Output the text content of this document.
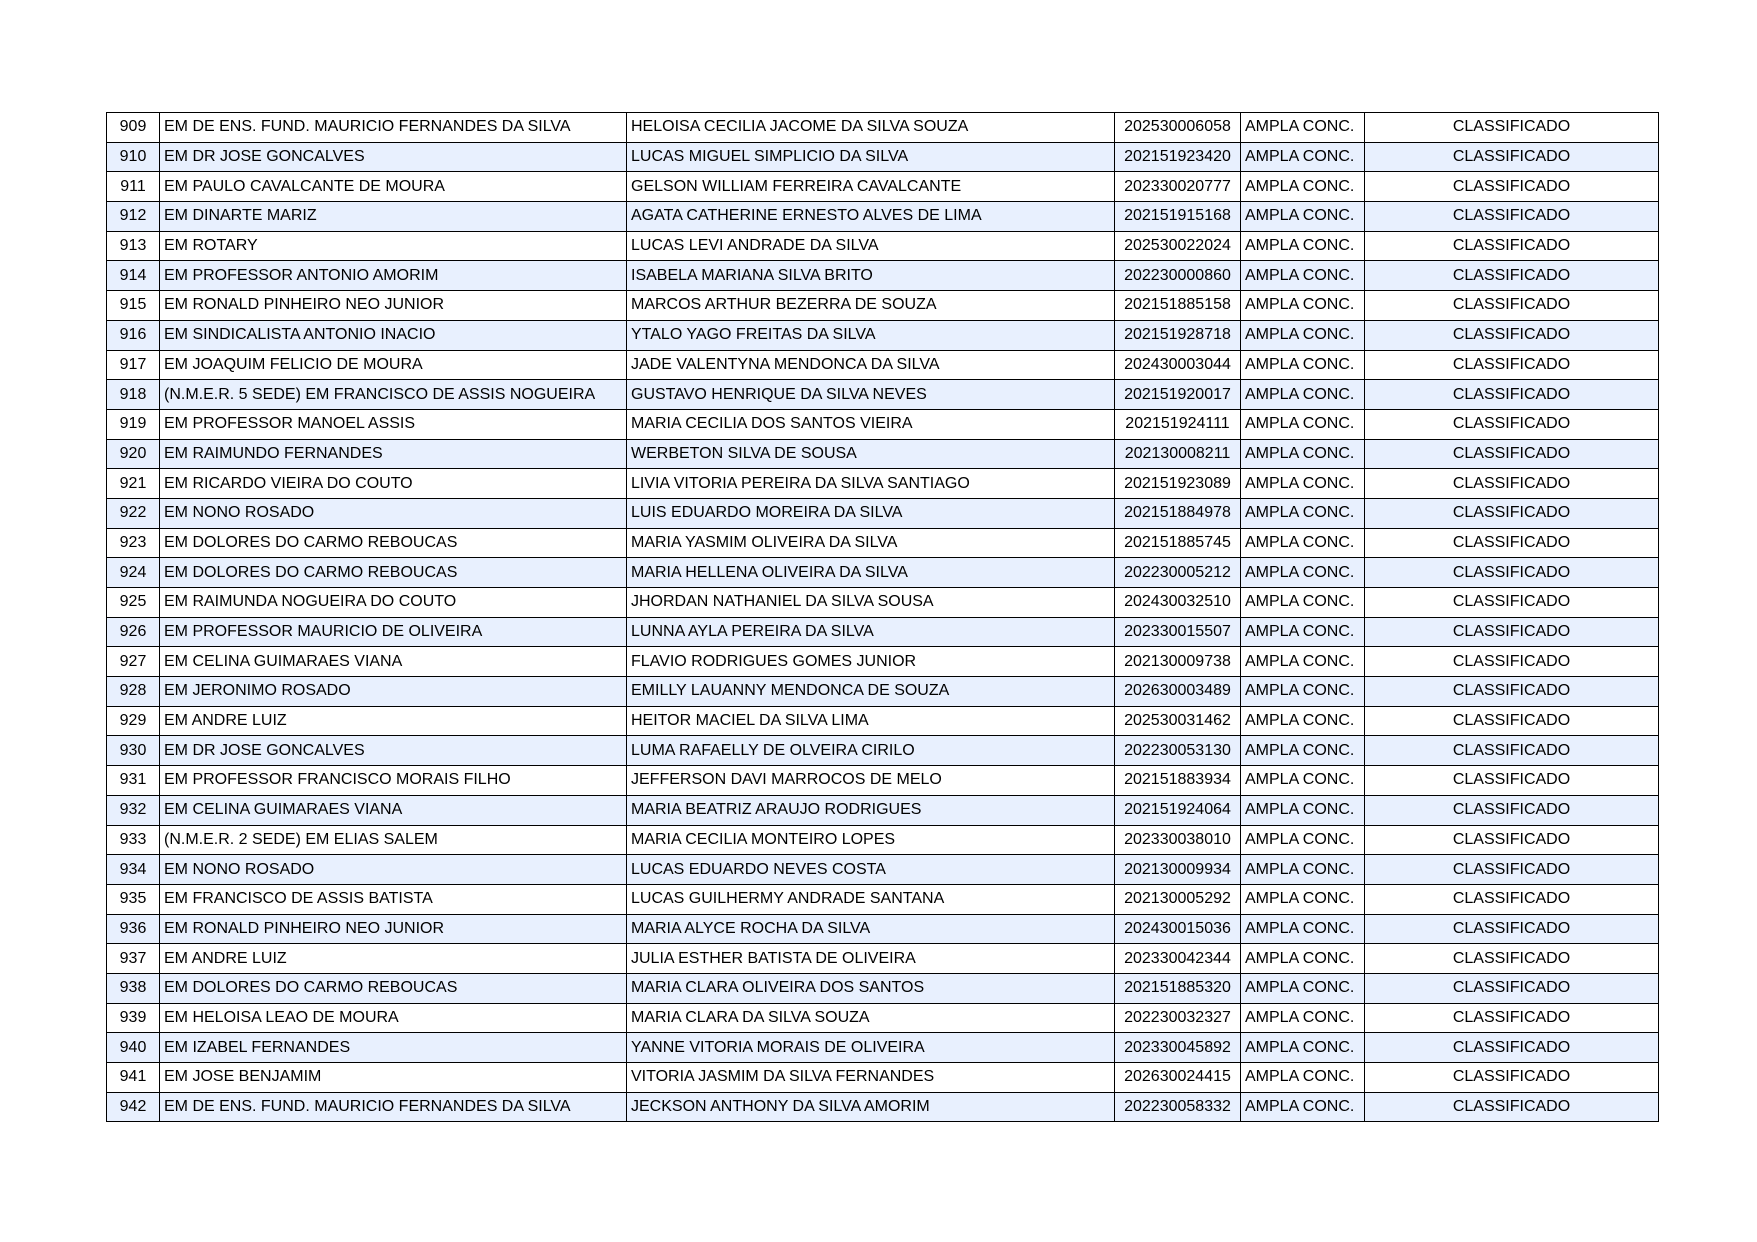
909	EM DE ENS. FUND. MAURICIO FERNANDES DA SILVA	HELOISA CECILIA JACOME DA SILVA SOUZA	202530006058	AMPLA CONC.	CLASSIFICADO
910	EM DR JOSE GONCALVES	LUCAS MIGUEL SIMPLICIO DA SILVA	202151923420	AMPLA CONC.	CLASSIFICADO
911	EM PAULO CAVALCANTE DE MOURA	GELSON WILLIAM FERREIRA CAVALCANTE	202330020777	AMPLA CONC.	CLASSIFICADO
912	EM DINARTE MARIZ	AGATA CATHERINE ERNESTO ALVES DE LIMA	202151915168	AMPLA CONC.	CLASSIFICADO
913	EM ROTARY	LUCAS LEVI ANDRADE DA SILVA	202530022024	AMPLA CONC.	CLASSIFICADO
914	EM PROFESSOR ANTONIO AMORIM	ISABELA MARIANA SILVA BRITO	202230000860	AMPLA CONC.	CLASSIFICADO
915	EM RONALD PINHEIRO NEO JUNIOR	MARCOS ARTHUR BEZERRA DE SOUZA	202151885158	AMPLA CONC.	CLASSIFICADO
916	EM SINDICALISTA ANTONIO INACIO	YTALO YAGO FREITAS DA SILVA	202151928718	AMPLA CONC.	CLASSIFICADO
917	EM JOAQUIM FELICIO DE MOURA	JADE VALENTYNA MENDONCA DA SILVA	202430003044	AMPLA CONC.	CLASSIFICADO
918	(N.M.E.R. 5 SEDE) EM FRANCISCO DE ASSIS NOGUEIRA	GUSTAVO HENRIQUE DA SILVA NEVES	202151920017	AMPLA CONC.	CLASSIFICADO
919	EM PROFESSOR MANOEL ASSIS	MARIA CECILIA DOS SANTOS VIEIRA	202151924111	AMPLA CONC.	CLASSIFICADO
920	EM RAIMUNDO FERNANDES	WERBETON SILVA DE SOUSA	202130008211	AMPLA CONC.	CLASSIFICADO
921	EM RICARDO VIEIRA DO COUTO	LIVIA VITORIA PEREIRA DA SILVA SANTIAGO	202151923089	AMPLA CONC.	CLASSIFICADO
922	EM NONO ROSADO	LUIS EDUARDO MOREIRA DA SILVA	202151884978	AMPLA CONC.	CLASSIFICADO
923	EM DOLORES DO CARMO REBOUCAS	MARIA YASMIM OLIVEIRA DA SILVA	202151885745	AMPLA CONC.	CLASSIFICADO
924	EM DOLORES DO CARMO REBOUCAS	MARIA HELLENA OLIVEIRA DA SILVA	202230005212	AMPLA CONC.	CLASSIFICADO
925	EM RAIMUNDA NOGUEIRA DO COUTO	JHORDAN NATHANIEL DA SILVA SOUSA	202430032510	AMPLA CONC.	CLASSIFICADO
926	EM PROFESSOR MAURICIO DE OLIVEIRA	LUNNA AYLA PEREIRA DA SILVA	202330015507	AMPLA CONC.	CLASSIFICADO
927	EM CELINA GUIMARAES VIANA	FLAVIO RODRIGUES GOMES JUNIOR	202130009738	AMPLA CONC.	CLASSIFICADO
928	EM JERONIMO ROSADO	EMILLY LAUANNY MENDONCA DE SOUZA	202630003489	AMPLA CONC.	CLASSIFICADO
929	EM ANDRE LUIZ	HEITOR MACIEL DA SILVA LIMA	202530031462	AMPLA CONC.	CLASSIFICADO
930	EM DR JOSE GONCALVES	LUMA RAFAELLY DE OLVEIRA CIRILO	202230053130	AMPLA CONC.	CLASSIFICADO
931	EM PROFESSOR FRANCISCO MORAIS FILHO	JEFFERSON DAVI MARROCOS DE MELO	202151883934	AMPLA CONC.	CLASSIFICADO
932	EM CELINA GUIMARAES VIANA	MARIA BEATRIZ ARAUJO RODRIGUES	202151924064	AMPLA CONC.	CLASSIFICADO
933	(N.M.E.R. 2 SEDE) EM ELIAS SALEM	MARIA CECILIA MONTEIRO LOPES	202330038010	AMPLA CONC.	CLASSIFICADO
934	EM NONO ROSADO	LUCAS EDUARDO NEVES COSTA	202130009934	AMPLA CONC.	CLASSIFICADO
935	EM FRANCISCO DE ASSIS BATISTA	LUCAS GUILHERMY ANDRADE SANTANA	202130005292	AMPLA CONC.	CLASSIFICADO
936	EM RONALD PINHEIRO NEO JUNIOR	MARIA ALYCE ROCHA DA SILVA	202430015036	AMPLA CONC.	CLASSIFICADO
937	EM ANDRE LUIZ	JULIA ESTHER BATISTA DE OLIVEIRA	202330042344	AMPLA CONC.	CLASSIFICADO
938	EM DOLORES DO CARMO REBOUCAS	MARIA CLARA OLIVEIRA DOS SANTOS	202151885320	AMPLA CONC.	CLASSIFICADO
939	EM HELOISA LEAO DE MOURA	MARIA CLARA DA SILVA SOUZA	202230032327	AMPLA CONC.	CLASSIFICADO
940	EM IZABEL FERNANDES	YANNE VITORIA MORAIS DE OLIVEIRA	202330045892	AMPLA CONC.	CLASSIFICADO
941	EM JOSE BENJAMIM	VITORIA JASMIM DA SILVA FERNANDES	202630024415	AMPLA CONC.	CLASSIFICADO
942	EM DE ENS. FUND. MAURICIO FERNANDES DA SILVA	JECKSON ANTHONY DA SILVA AMORIM	202230058332	AMPLA CONC.	CLASSIFICADO
